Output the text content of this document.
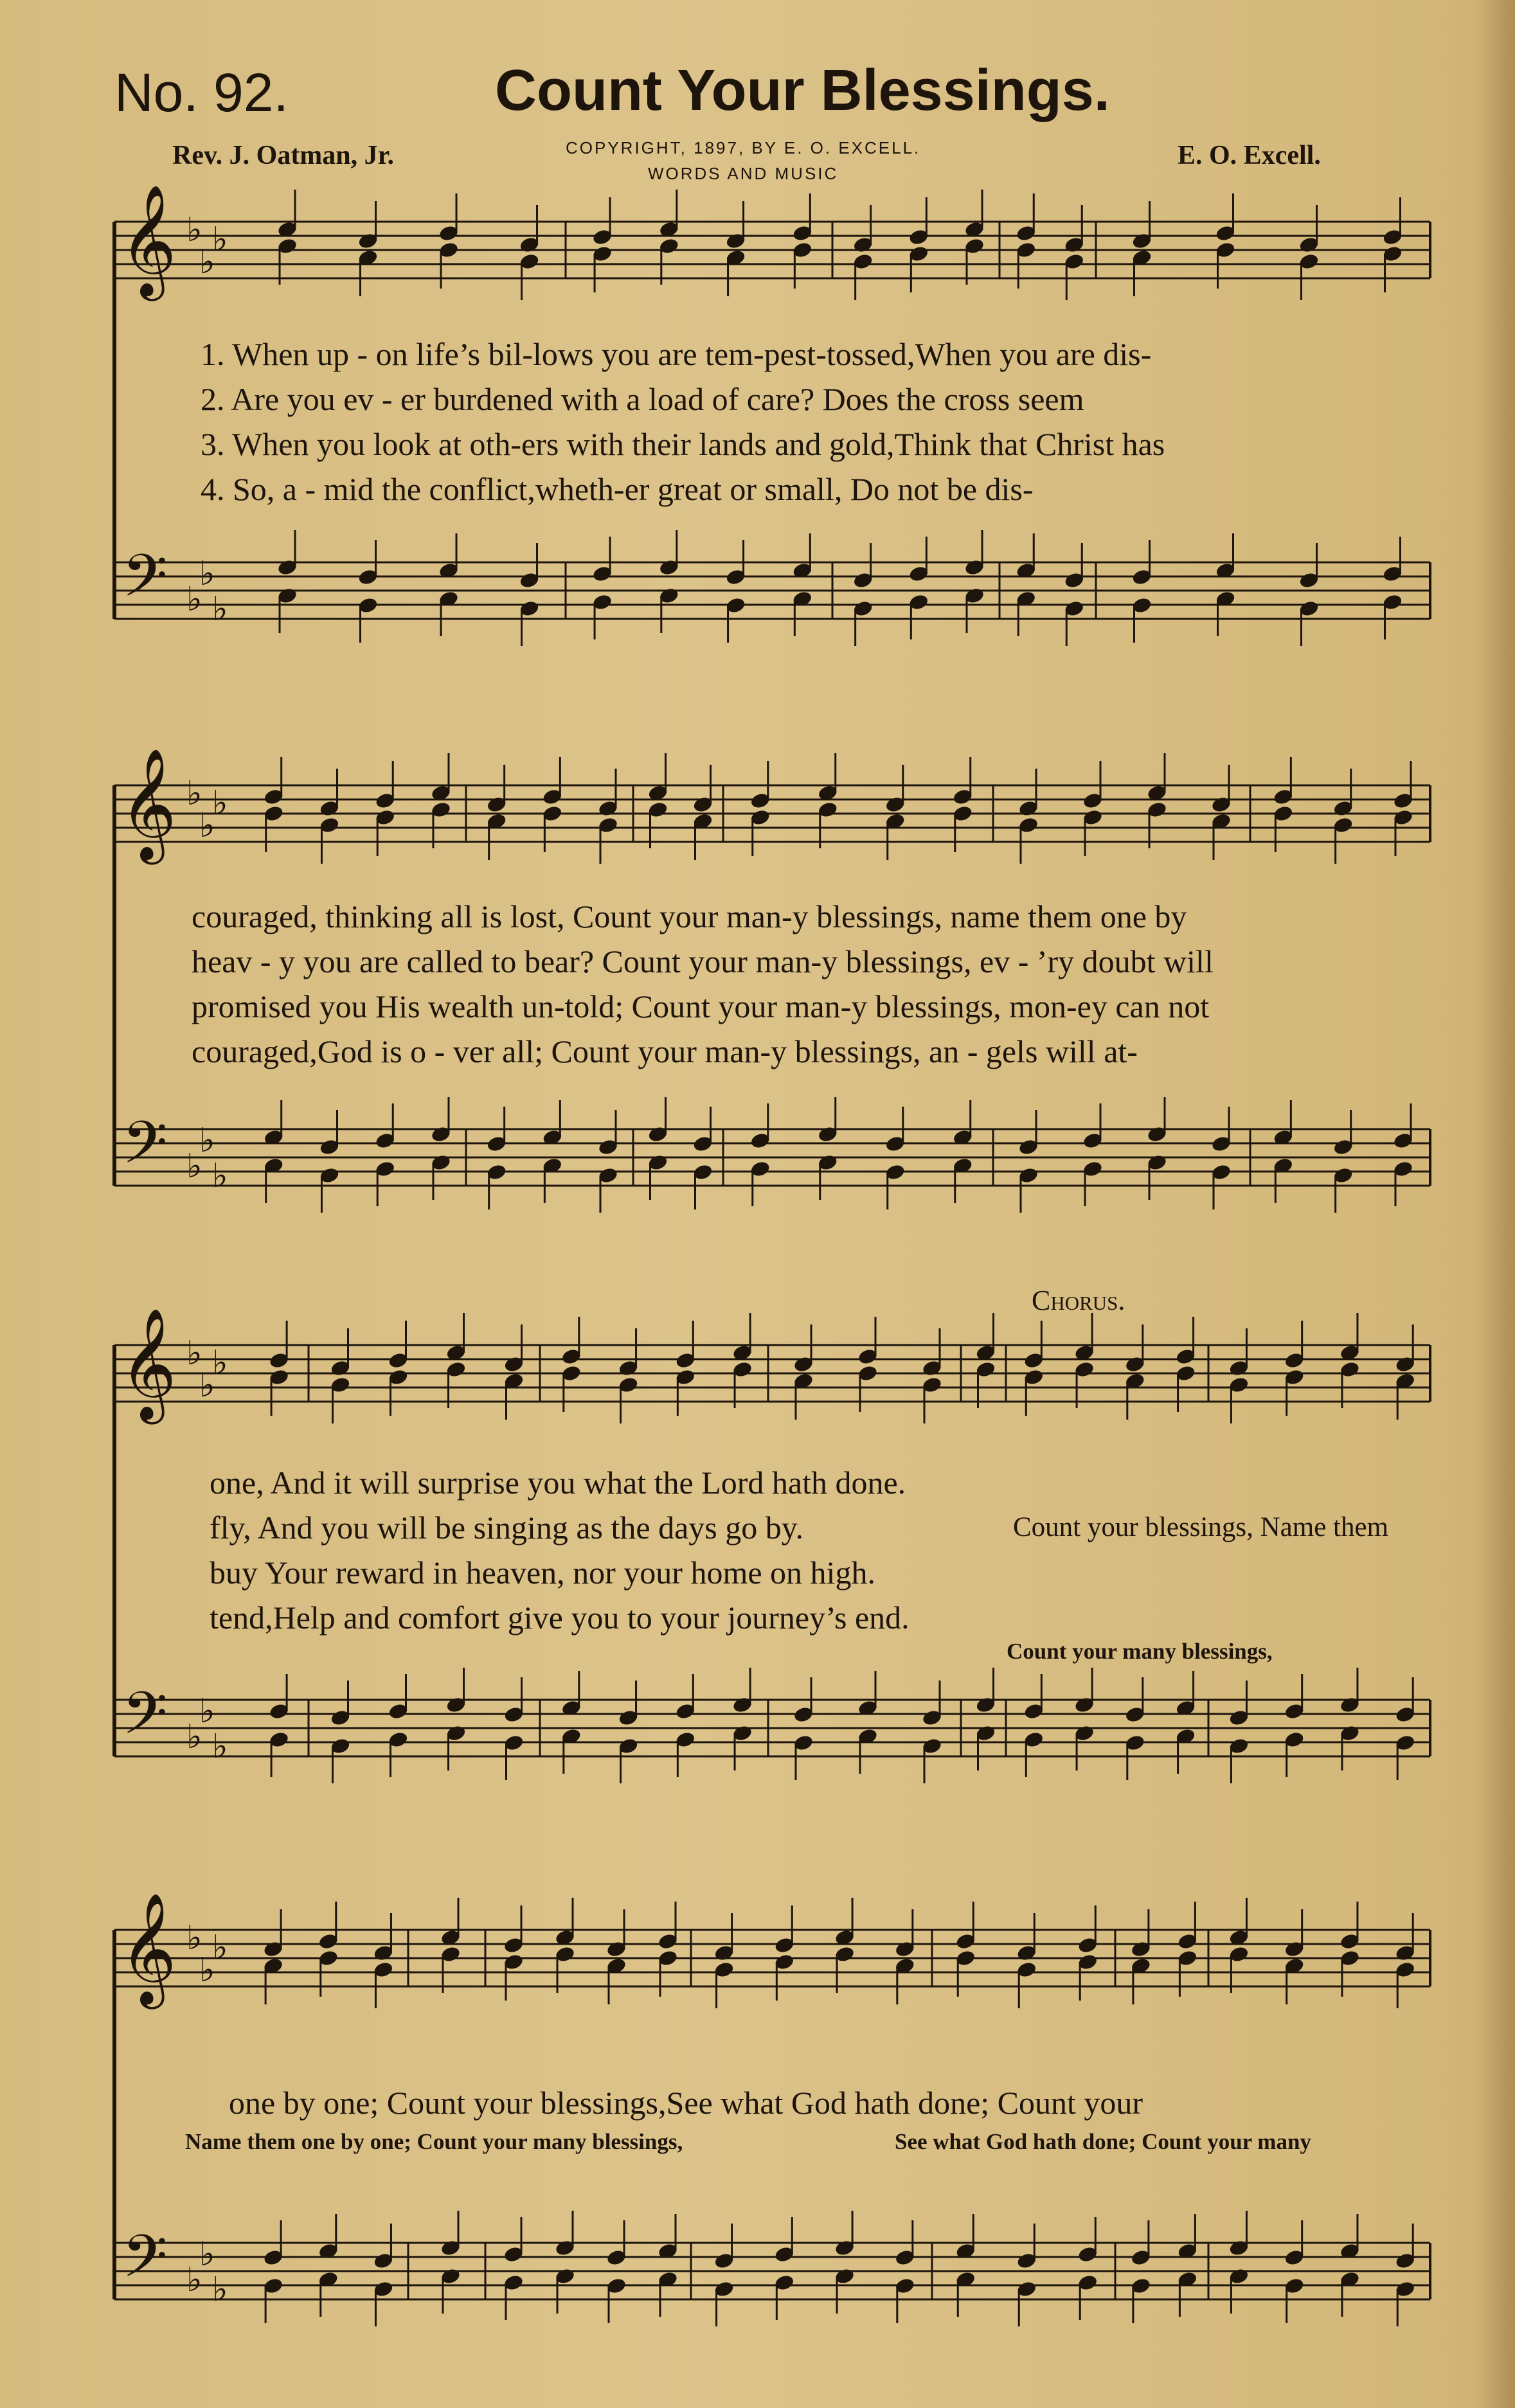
𝄞 ♭
♭
♭
𝄢 ♭
♭
♭
𝄞 ♭
♭
♭
𝄢 ♭
♭
♭
𝄞 ♭
♭
♭
𝄢 ♭
♭
♭
𝄞 ♭
♭
♭
𝄢 ♭
♭
♭
No. 92.	Count Your Blessings.
Rev. J. Oatman, Jr.	COPYRIGHT, 1897, BY E. O. EXCELL.
WORDS AND MUSIC
E. O. Excell.
Chorus.
1. When up - on life’s bil-lows you are tem-pest-tossed,When you are dis-
2. Are you ev - er burdened with a load of care? Does the cross seem
3. When you look at oth-ers with their lands and gold,Think that Christ has
4. So, a - mid the conflict,wheth-er great or small, Do not be dis-
couraged, thinking all is lost, Count your man-y blessings, name them one by
heav - y you are called to bear? Count your man-y blessings, ev - ’ry doubt will
promised you His wealth un-told; Count your man-y blessings, mon-ey can not
couraged,God is o - ver all; Count your man-y blessings, an - gels will at-
one, And it will surprise you what the Lord hath done.
fly, And you will be singing as the days go by.
buy Your reward in heaven, nor your home on high.
tend,Help and comfort give you to your journey’s end.
Count your blessings, Name them
Count your many blessings,
one by one; Count your blessings,See what God hath done; Count your
Name them one by one; Count your many blessings,	See what God hath done; Count your many
